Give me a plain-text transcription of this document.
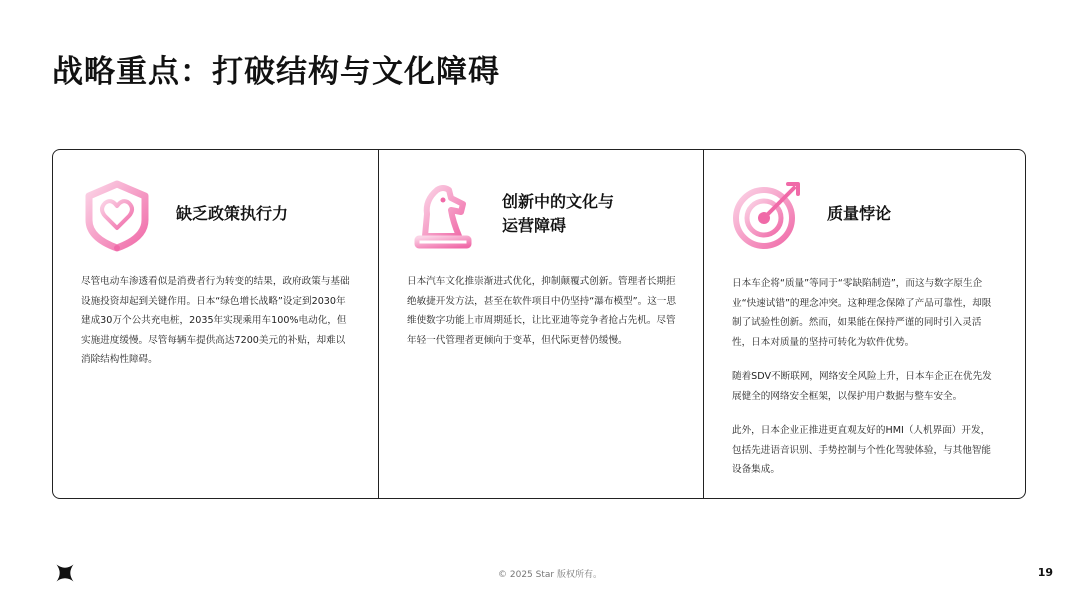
战略重点：打破结构与文化障碍
缺乏政策执行力

尽管电动车渗透看似是消费者行为转变的结果，政府政策与基础设施投资却起到关键作用。日本“绿色增长战略”设定到2030年建成30万个公共充电桩，2035年实现乘用车100%电动化，但实施进度缓慢。尽管每辆车提供高达7200美元的补贴，却难以消除结构性障碍。

创新中的文化与
运营障碍

日本汽车文化推崇渐进式优化，抑制颠覆式创新。管理者长期拒绝敏捷开发方法，甚至在软件项目中仍坚持“瀑布模型”。这一思维使数字功能上市周期延长，让比亚迪等竞争者抢占先机。尽管年轻一代管理者更倾向于变革，但代际更替仍缓慢。

质量悖论

日本车企将“质量”等同于“零缺陷制造”，而这与数字原生企业“快速试错”的理念冲突。这种理念保障了产品可靠性，却限制了试验性创新。然而，如果能在保持严谨的同时引入灵活性，日本对质量的坚持可转化为软件优势。

随着SDV不断联网，网络安全风险上升，日本车企正在优先发展健全的网络安全框架，以保护用户数据与整车安全。

此外，日本企业正推进更直观友好的HMI（人机界面）开发，包括先进语音识别、手势控制与个性化驾驶体验，与其他智能设备集成。

© 2025 Star 版权所有。	19
